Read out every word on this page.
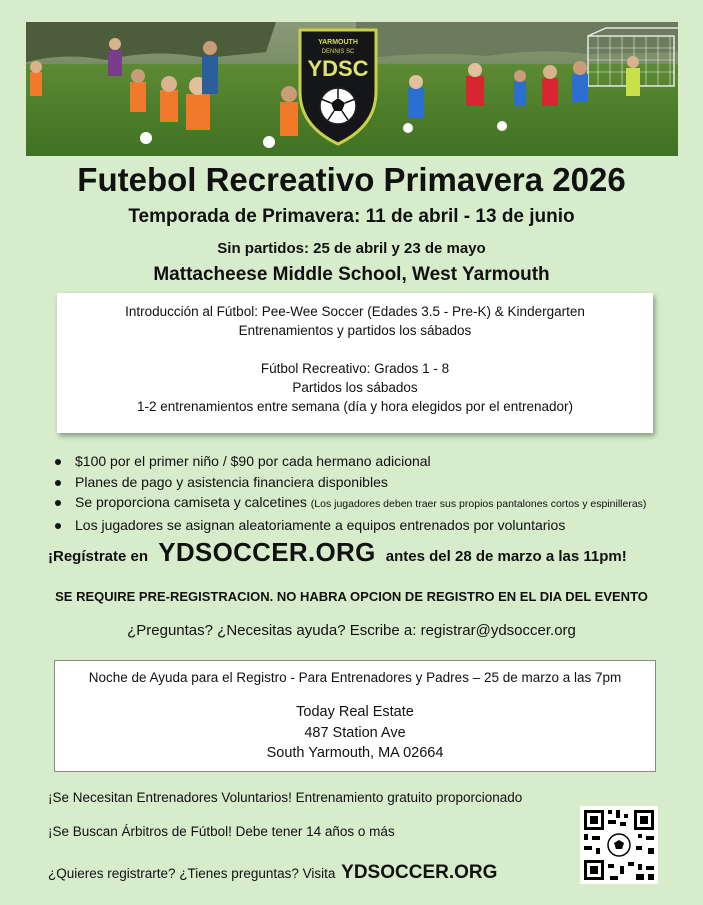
YARMOUTH
DENNIS SC
YDSC
Futebol Recreativo Primavera 2026
Temporada de Primavera: 11 de abril - 13 de junio
Sin partidos: 25 de abril y 23 de mayo
Mattacheese Middle School, West Yarmouth
Introducción al Fútbol: Pee-Wee Soccer (Edades 3.5 - Pre-K) & Kindergarten
Entrenamientos y partidos los sábados
Fútbol Recreativo: Grados 1 - 8
Partidos los sábados
1-2 entrenamientos entre semana (día y hora elegidos por el entrenador)
$100 por el primer niño / $90 por cada hermano adicional
Planes de pago y asistencia financiera disponibles
Se proporciona camiseta y calcetines (Los jugadores deben traer sus propios pantalones cortos y espinilleras)
Los jugadores se asignan aleatoriamente a equipos entrenados por voluntarios
¡Regístrate en YDSOCCER.ORG antes del 28 de marzo a las 11pm!
SE REQUIRE PRE-REGISTRACION. NO HABRA OPCION DE REGISTRO EN EL DIA DEL EVENTO
¿Preguntas? ¿Necesitas ayuda? Escribe a: registrar@ydsoccer.org
Noche de Ayuda para el Registro - Para Entrenadores y Padres – 25 de marzo a las 7pm
Today Real Estate
487 Station Ave
South Yarmouth, MA 02664
¡Se Necesitan Entrenadores Voluntarios! Entrenamiento gratuito proporcionado
¡Se Buscan Árbitros de Fútbol! Debe tener 14 años o más
¿Quieres registrarte? ¿Tienes preguntas? Visita YDSOCCER.ORG
